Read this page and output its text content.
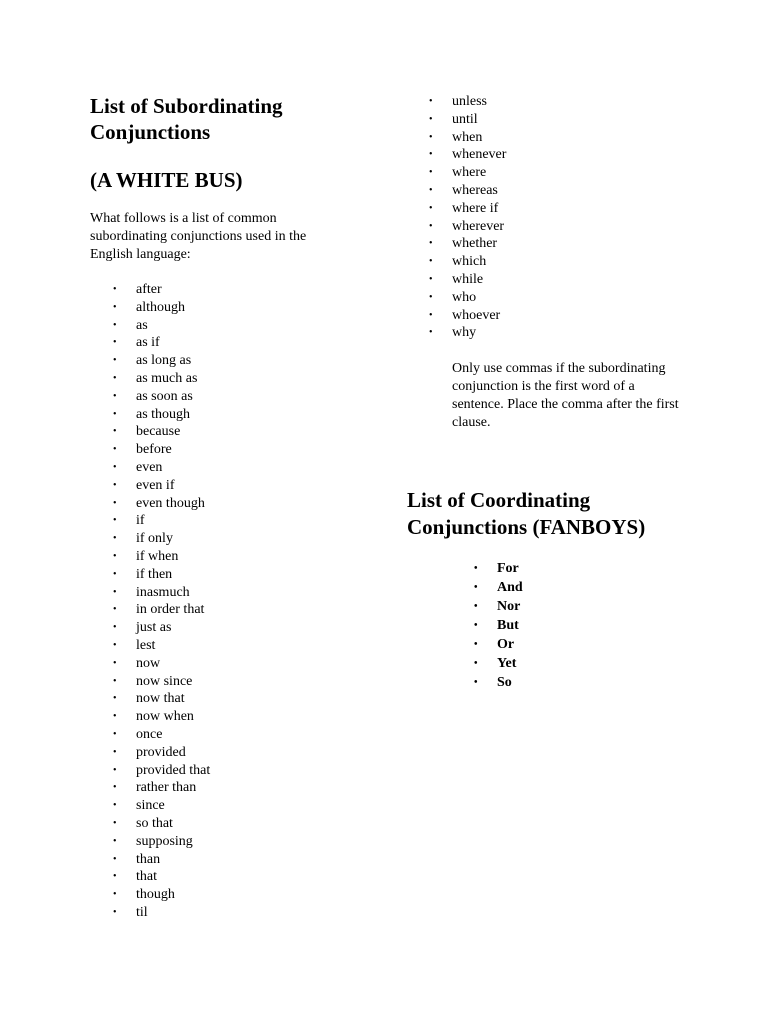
List of Subordinating Conjunctions
(A WHITE BUS)

What follows is a list of common subordinating conjunctions used in the English language:

• after
• although
• as
• as if
• as long as
• as much as
• as soon as
• as though
• because
• before
• even
• even if
• even though
• if
• if only
• if when
• if then
• inasmuch
• in order that
• just as
• lest
• now
• now since
• now that
• now when
• once
• provided
• provided that
• rather than
• since
• so that
• supposing
• than
• that
• though
• til
• unless
• until
• when
• whenever
• where
• whereas
• where if
• wherever
• whether
• which
• while
• who
• whoever
• why

Only use commas if the subordinating conjunction is the first word of a sentence. Place the comma after the first clause.

List of Coordinating Conjunctions (FANBOYS)
• For
• And
• Nor
• But
• Or
• Yet
• So
